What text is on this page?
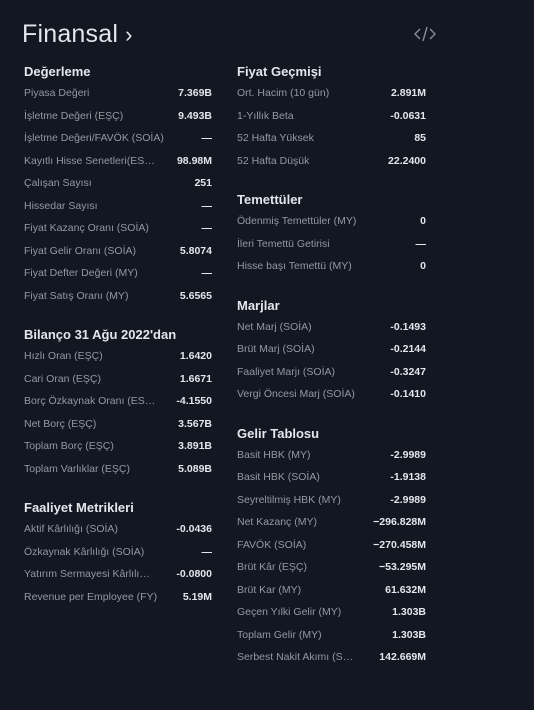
Finansal ›
Değerleme
Piyasa Değeri	7.369B
İşletme Değeri (EŞÇ)	9.493B
İşletme Değeri/FAVÖK (SOİA)	—
Kayıtlı Hisse Senetleri(ES… 98.98M
Çalışan Sayısı	251
Hissedar Sayısı	—
Fiyat Kazanç Oranı (SOİA)	—
Fiyat Gelir Oranı (SOİA)	5.8074
Fiyat Defter Değeri (MY)	—
Fiyat Satış Oranı (MY)	5.6565
Bilanço 31 Ağu 2022'dan
Hızlı Oran (EŞÇ)	1.6420
Cari Oran (EŞÇ)	1.6671
Borç Özkaynak Oranı (ES… -4.1550
Net Borç (EŞÇ)	3.567B
Toplam Borç (EŞÇ)	3.891B
Toplam Varlıklar (EŞÇ)	5.089B
Faaliyet Metrikleri
Aktif Kârlılığı (SOİA)	-0.0436
Özkaynak Kârlılığı (SOİA)	—
Yatırım Sermayesi Kârlılı…	-0.0800
Revenue per Employee (FY) 5.19M
Fiyat Geçmişi
Ort. Hacim (10 gün)	2.891M
1-Yıllık Beta	-0.0631
52 Hafta Yüksek	85
52 Hafta Düşük	22.2400
Temettüler
Ödenmiş Temettüler (MY)	0
İleri Temettü Getirisi	—
Hisse başı Temettü (MY)	0
Marjlar
Net Marj (SOİA)	-0.1493
Brüt Marj (SOİA)	-0.2144
Faaliyet Marjı (SOİA)	-0.3247
Vergi Öncesi Marj (SOİA)	-0.1410
Gelir Tablosu
Basit HBK (MY)	-2.9989
Basit HBK (SOİA)	-1.9138
Seyreltilmiş HBK (MY)	-2.9989
Net Kazanç (MY)	−296.828M
FAVÖK (SOİA)	−270.458M
Brüt Kâr (EŞÇ)	−53.295M
Brüt Kar (MY)	61.632M
Geçen Yılki Gelir (MY)	1.303B
Toplam Gelir (MY)	1.303B
Serbest Nakit Akımı (S… 142.669M
